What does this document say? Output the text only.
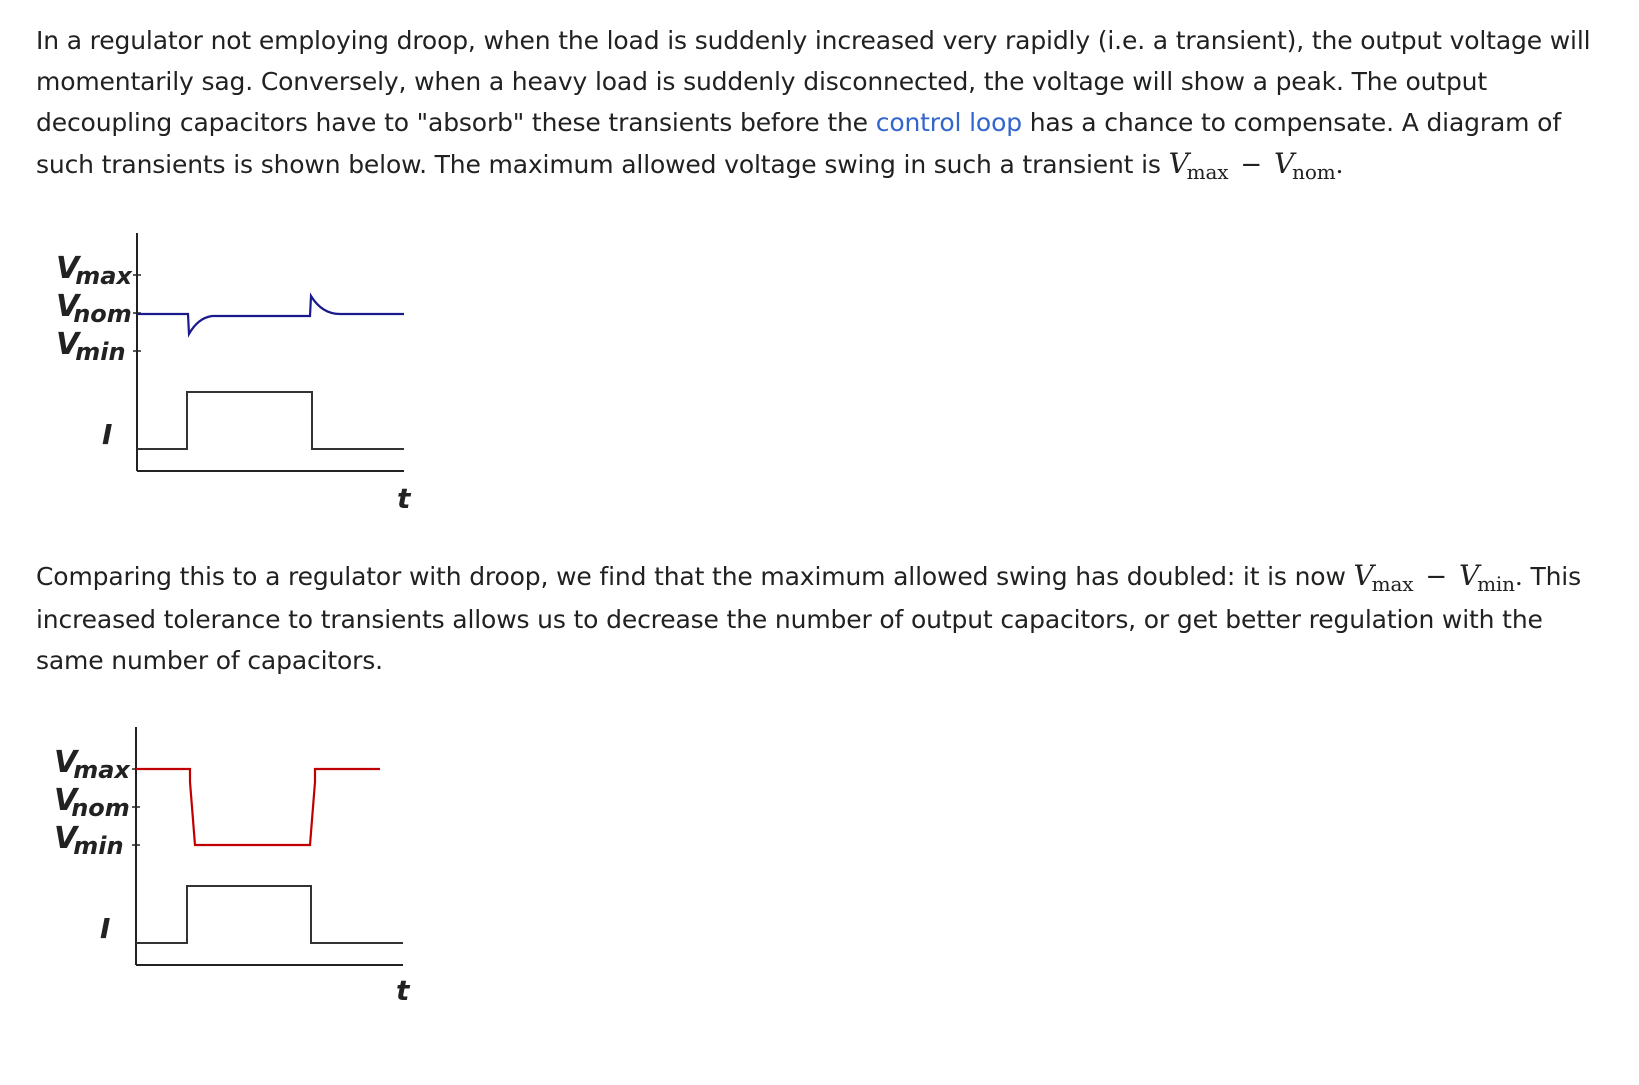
In a regulator not employing droop, when the load is suddenly increased very rapidly (i.e. a transient), the output voltage will momentarily sag. Conversely, when a heavy load is suddenly disconnected, the voltage will show a peak. The output decoupling capacitors have to "absorb" these transients before the control loop has a chance to compensate. A diagram of such transients is shown below. The maximum allowed voltage swing in such a transient is $V_{max} - V_{nom}$.

Vmax
Vnom
Vmin
I
t

Comparing this to a regulator with droop, we find that the maximum allowed swing has doubled: it is now $V_{max} - V_{min}$. This increased tolerance to transients allows us to decrease the number of output capacitors, or get better regulation with the same number of capacitors.

Vmax
Vnom
Vmin
I
t
